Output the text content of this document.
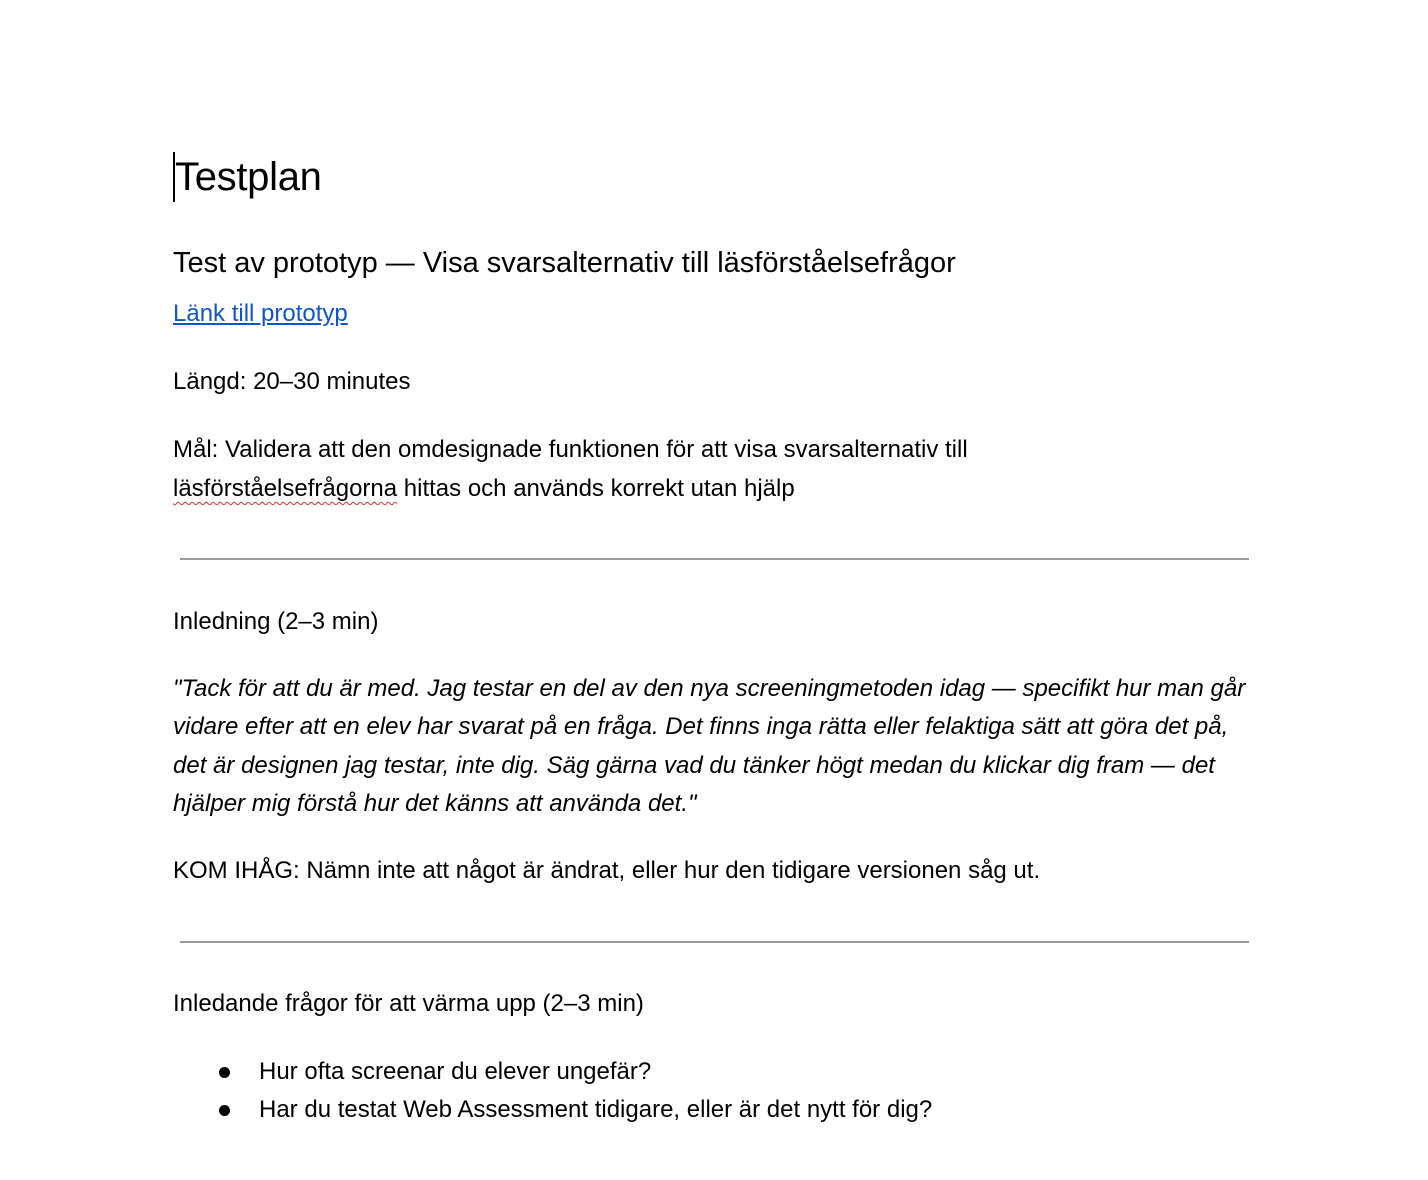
Testplan
Test av prototyp — Visa svarsalternativ till läsförståelsefrågor
Länk till prototyp

Längd: 20–30 minutes

Mål: Validera att den omdesignade funktionen för att visa svarsalternativ till läsförståelsefrågorna hittas och används korrekt utan hjälp

Inledning (2–3 min)

"Tack för att du är med. Jag testar en del av den nya screeningmetoden idag — specifikt hur man går vidare efter att en elev har svarat på en fråga. Det finns inga rätta eller felaktiga sätt att göra det på, det är designen jag testar, inte dig. Säg gärna vad du tänker högt medan du klickar dig fram — det hjälper mig förstå hur det känns att använda det."

KOM IHÅG: Nämn inte att något är ändrat, eller hur den tidigare versionen såg ut.

Inledande frågor för att värma upp (2–3 min)
Hur ofta screenar du elever ungefär?
Har du testat Web Assessment tidigare, eller är det nytt för dig?
